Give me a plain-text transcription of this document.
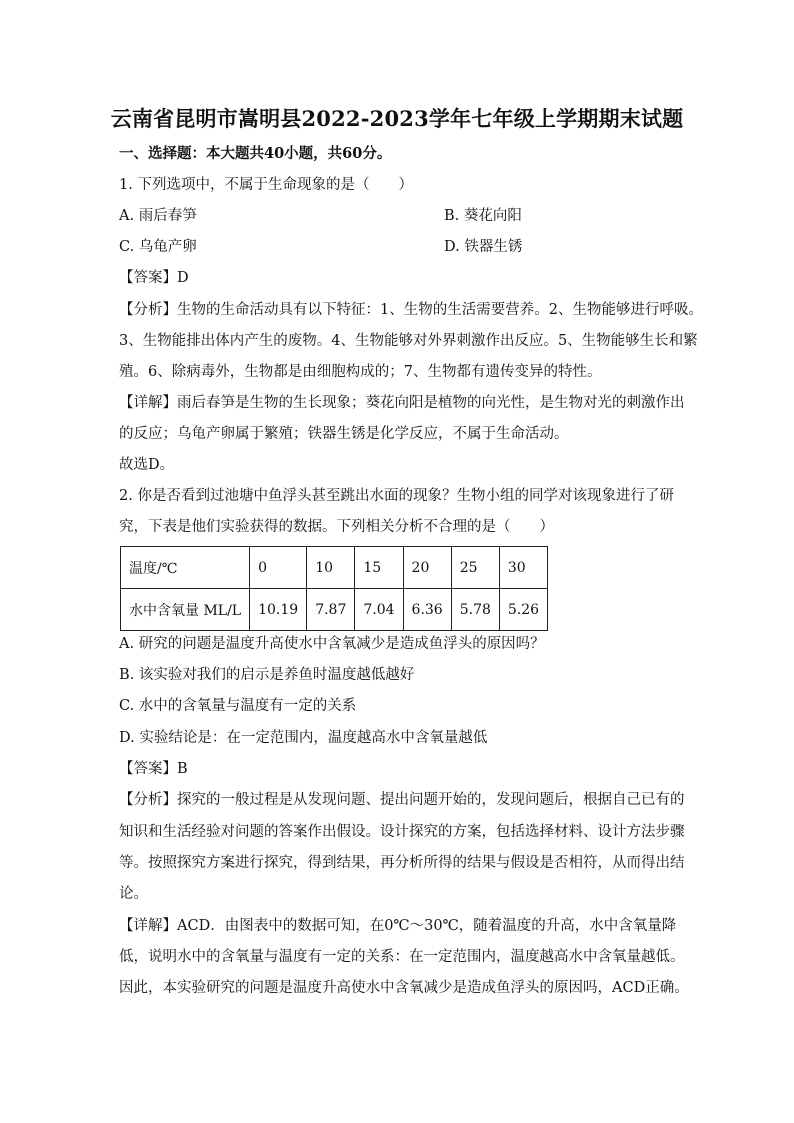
云南省昆明市嵩明县2022-2023学年七年级上学期期末试题
一、选择题：本大题共40小题，共60分。
1. 下列选项中，不属于生命现象的是（　　）
A. 雨后春笋	B. 葵花向阳
C. 乌龟产卵	D. 铁器生锈
【答案】D
【分析】生物的生命活动具有以下特征：1、生物的生活需要营养。2、生物能够进行呼吸。
3、生物能排出体内产生的废物。4、生物能够对外界刺激作出反应。5、生物能够生长和繁
殖。6、除病毒外，生物都是由细胞构成的；7、生物都有遗传变异的特性。
【详解】雨后春笋是生物的生长现象；葵花向阳是植物的向光性，是生物对光的刺激作出
的反应；乌龟产卵属于繁殖；铁器生锈是化学反应，不属于生命活动。
故选D。
2. 你是否看到过池塘中鱼浮头甚至跳出水面的现象？生物小组的同学对该现象进行了研
究，下表是他们实验获得的数据。下列相关分析不合理的是（　　）
温度/℃	0	10	15	20	25	30
水中含氧量 ML/L	10.19	7.87	7.04	6.36	5.78	5.26
A. 研究的问题是温度升高使水中含氧减少是造成鱼浮头的原因吗？
B. 该实验对我们的启示是养鱼时温度越低越好
C. 水中的含氧量与温度有一定的关系
D. 实验结论是：在一定范围内，温度越高水中含氧量越低
【答案】B
【分析】探究的一般过程是从发现问题、提出问题开始的，发现问题后，根据自己已有的
知识和生活经验对问题的答案作出假设。设计探究的方案，包括选择材料、设计方法步骤
等。按照探究方案进行探究，得到结果，再分析所得的结果与假设是否相符，从而得出结
论。
【详解】ACD．由图表中的数据可知，在0℃～30℃，随着温度的升高，水中含氧量降
低，说明水中的含氧量与温度有一定的关系：在一定范围内，温度越高水中含氧量越低。
因此，本实验研究的问题是温度升高使水中含氧减少是造成鱼浮头的原因吗，ACD正确。
